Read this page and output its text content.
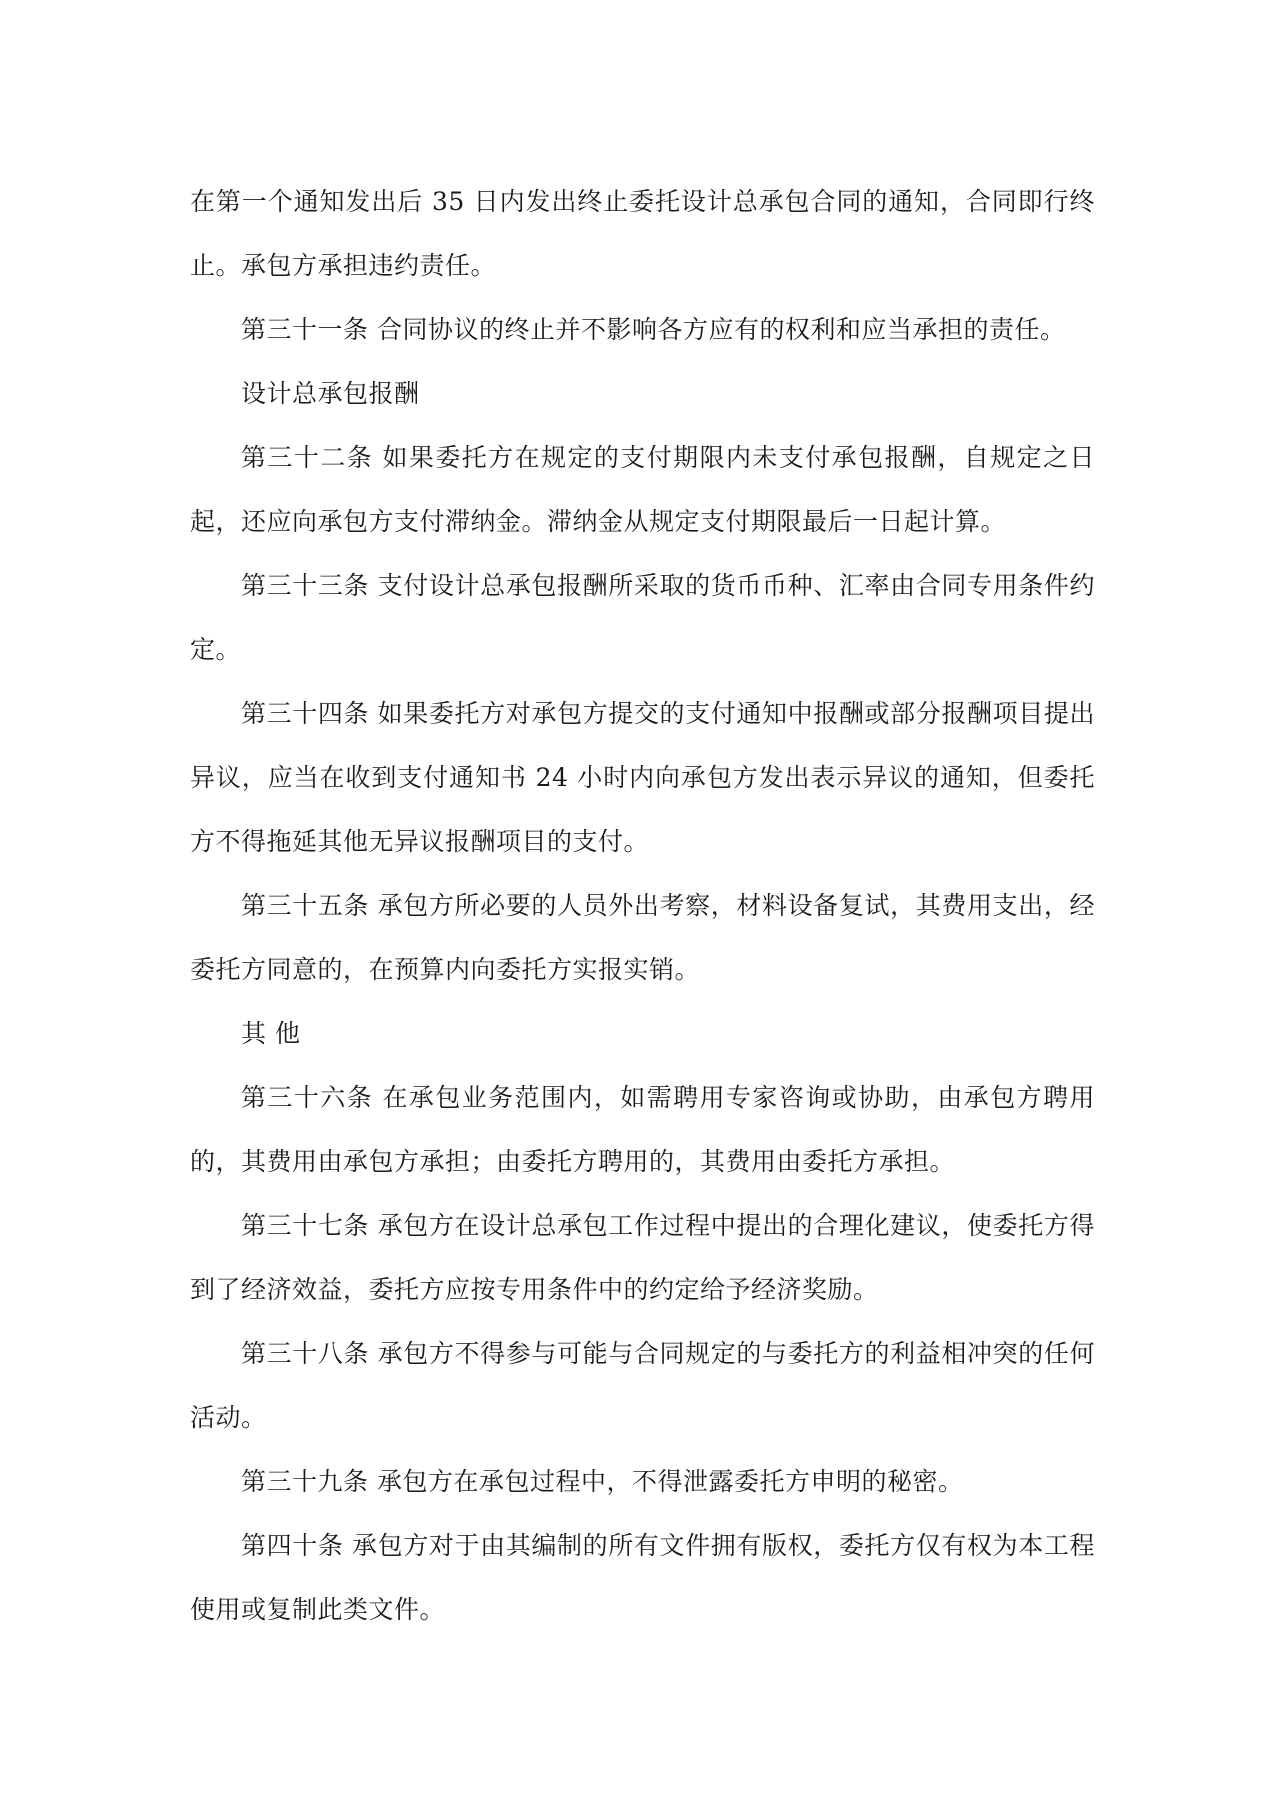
在第一个通知发出后 35 日内发出终止委托设计总承包合同的通知，合同即行终止。承包方承担违约责任。

第三十一条 合同协议的终止并不影响各方应有的权利和应当承担的责任。

设计总承包报酬

第三十二条 如果委托方在规定的支付期限内未支付承包报酬，自规定之日起，还应向承包方支付滞纳金。滞纳金从规定支付期限最后一日起计算。

第三十三条 支付设计总承包报酬所采取的货币币种、汇率由合同专用条件约定。

第三十四条 如果委托方对承包方提交的支付通知中报酬或部分报酬项目提出异议，应当在收到支付通知书 24 小时内向承包方发出表示异议的通知，但委托方不得拖延其他无异议报酬项目的支付。

第三十五条 承包方所必要的人员外出考察，材料设备复试，其费用支出，经委托方同意的，在预算内向委托方实报实销。

其 他

第三十六条 在承包业务范围内，如需聘用专家咨询或协助，由承包方聘用的，其费用由承包方承担；由委托方聘用的，其费用由委托方承担。

第三十七条 承包方在设计总承包工作过程中提出的合理化建议，使委托方得到了经济效益，委托方应按专用条件中的约定给予经济奖励。

第三十八条 承包方不得参与可能与合同规定的与委托方的利益相冲突的任何活动。

第三十九条 承包方在承包过程中，不得泄露委托方申明的秘密。

第四十条 承包方对于由其编制的所有文件拥有版权，委托方仅有权为本工程使用或复制此类文件。
